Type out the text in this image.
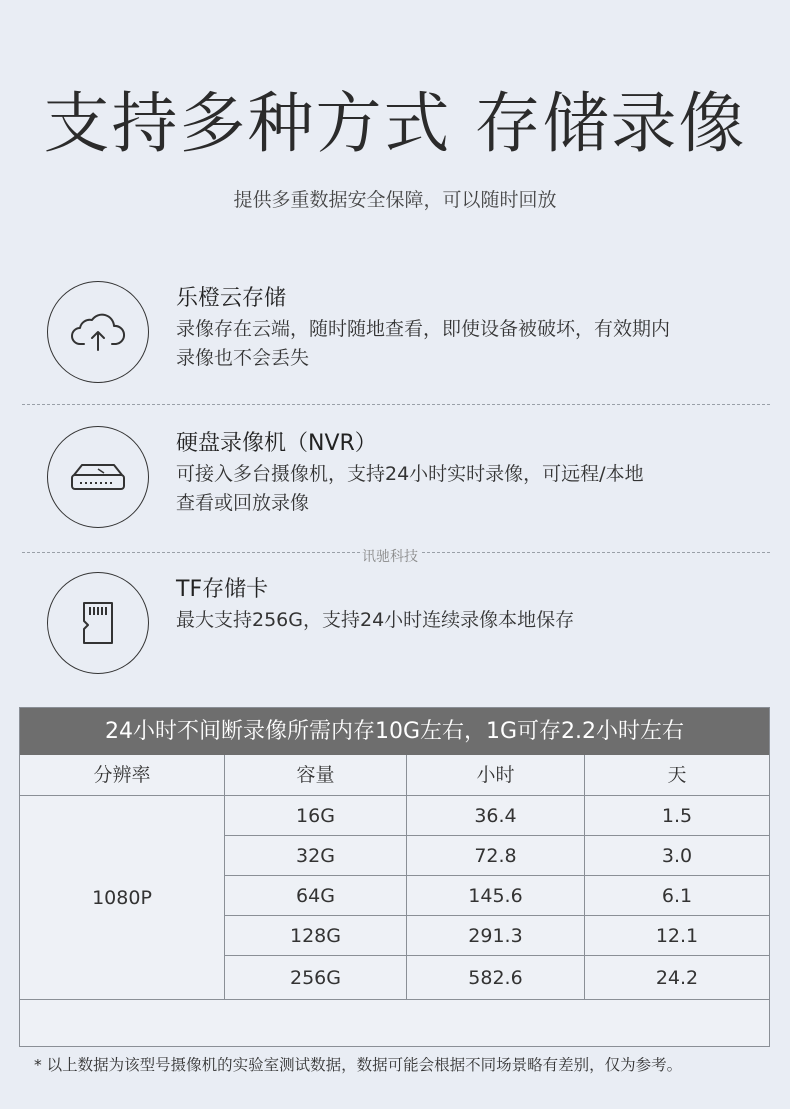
支持多种方式 存储录像
提供多重数据安全保障，可以随时回放
乐橙云存储
录像存在云端，随时随地查看，即使设备被破坏，有效期内
录像也不会丢失
硬盘录像机（NVR）
可接入多台摄像机，支持24小时实时录像，可远程/本地
查看或回放录像
讯驰科技
TF存储卡
最大支持256G，支持24小时连续录像本地保存
24小时不间断录像所需内存10G左右，1G可存2.2小时左右
分辨率	容量	小时	天
1080P
16G	36.4	1.5
32G	72.8	3.0
64G	145.6	6.1
128G	291.3	12.1
256G	582.6	24.2
* 以上数据为该型号摄像机的实验室测试数据，数据可能会根据不同场景略有差别，仅为参考。
